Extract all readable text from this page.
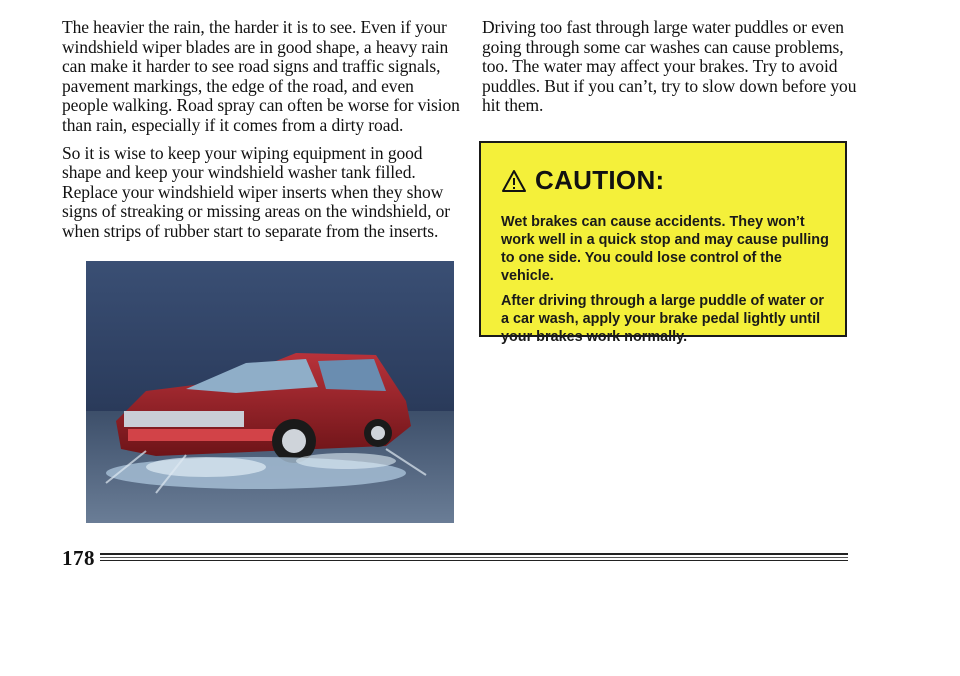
The heavier the rain, the harder it is to see. Even if your windshield wiper blades are in good shape, a heavy rain can make it harder to see road signs and traffic signals, pavement markings, the edge of the road, and even people walking. Road spray can often be worse for vision than rain, especially if it comes from a dirty road.

So it is wise to keep your wiping equipment in good shape and keep your windshield washer tank filled. Replace your windshield wiper inserts when they show signs of streaking or missing areas on the windshield, or when strips of rubber start to separate from the inserts.

Driving too fast through large water puddles or even going through some car washes can cause problems, too. The water may affect your brakes. Try to avoid puddles. But if you can’t, try to slow down before you hit them.

CAUTION:

Wet brakes can cause accidents. They won’t work well in a quick stop and may cause pulling to one side. You could lose control of the vehicle.

After driving through a large puddle of water or a car wash, apply your brake pedal lightly until your brakes work normally.

178
